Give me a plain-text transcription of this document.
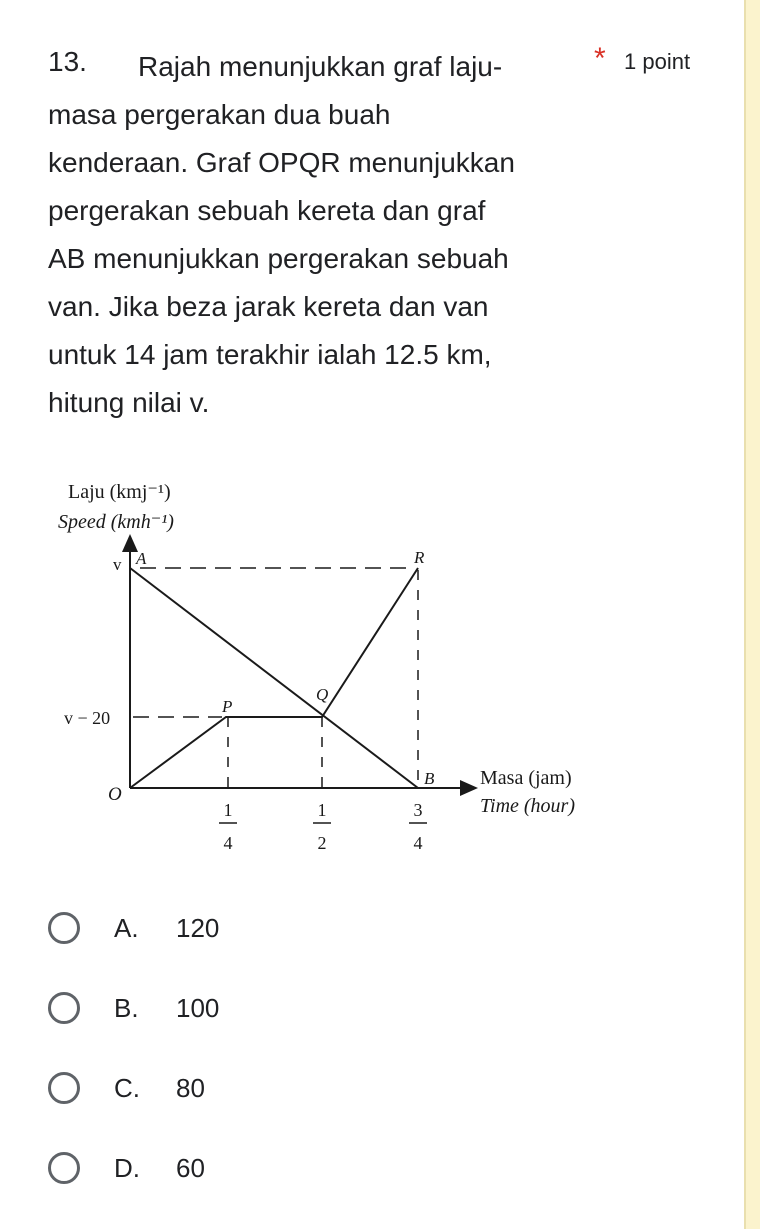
Rajah menunjukkan graf laju-

masa pergerakan dua buah

kenderaan. Graf OPQR menunjukkan

pergerakan sebuah kereta dan graf

AB menunjukkan pergerakan sebuah

van. Jika beza jarak kereta dan van

untuk 14 jam terakhir ialah 12.5 km,

hitung nilai v.

13.	* 1 point
Laju (kmj⁻¹)
Speed (kmh⁻¹)
v
v − 20
O
A
P
Q
R
B Masa (jam)
Time (hour)
1
4
1
2
3
4
A.	120
B.	100
C.	80
D.	60
